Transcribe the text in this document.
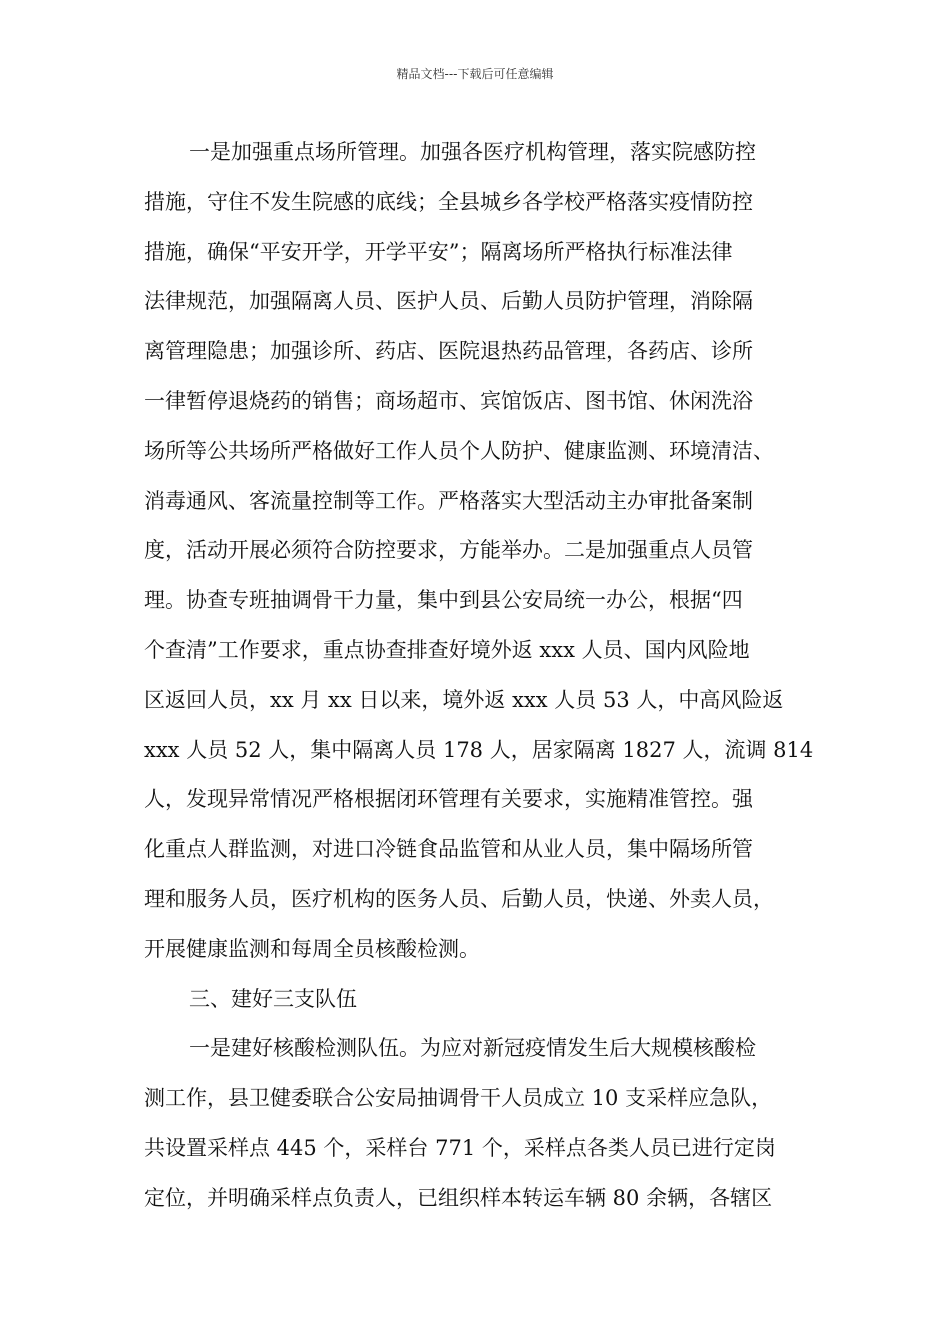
精品文档---下载后可任意编辑
一是加强重点场所管理。加强各医疗机构管理，落实院感防控
措施，守住不发生院感的底线；全县城乡各学校严格落实疫情防控
措施，确保“平安开学，开学平安”；隔离场所严格执行标准法律
法律规范，加强隔离人员、医护人员、后勤人员防护管理，消除隔
离管理隐患；加强诊所、药店、医院退热药品管理，各药店、诊所
一律暂停退烧药的销售；商场超市、宾馆饭店、图书馆、休闲洗浴
场所等公共场所严格做好工作人员个人防护、健康监测、环境清洁、
消毒通风、客流量控制等工作。严格落实大型活动主办审批备案制
度，活动开展必须符合防控要求，方能举办。二是加强重点人员管
理。协查专班抽调骨干力量，集中到县公安局统一办公，根据“四
个查清”工作要求，重点协查排查好境外返 xxx 人员、国内风险地
区返回人员，xx 月 xx 日以来，境外返 xxx 人员 53 人，中高风险返
xxx 人员 52 人，集中隔离人员 178 人，居家隔离 1827 人，流调 814
人，发现异常情况严格根据闭环管理有关要求，实施精准管控。强
化重点人群监测，对进口冷链食品监管和从业人员，集中隔场所管
理和服务人员，医疗机构的医务人员、后勤人员，快递、外卖人员，
开展健康监测和每周全员核酸检测。
三、建好三支队伍
一是建好核酸检测队伍。为应对新冠疫情发生后大规模核酸检
测工作，县卫健委联合公安局抽调骨干人员成立 10 支采样应急队，
共设置采样点 445 个，采样台 771 个，采样点各类人员已进行定岗
定位，并明确采样点负责人，已组织样本转运车辆 80 余辆，各辖区
